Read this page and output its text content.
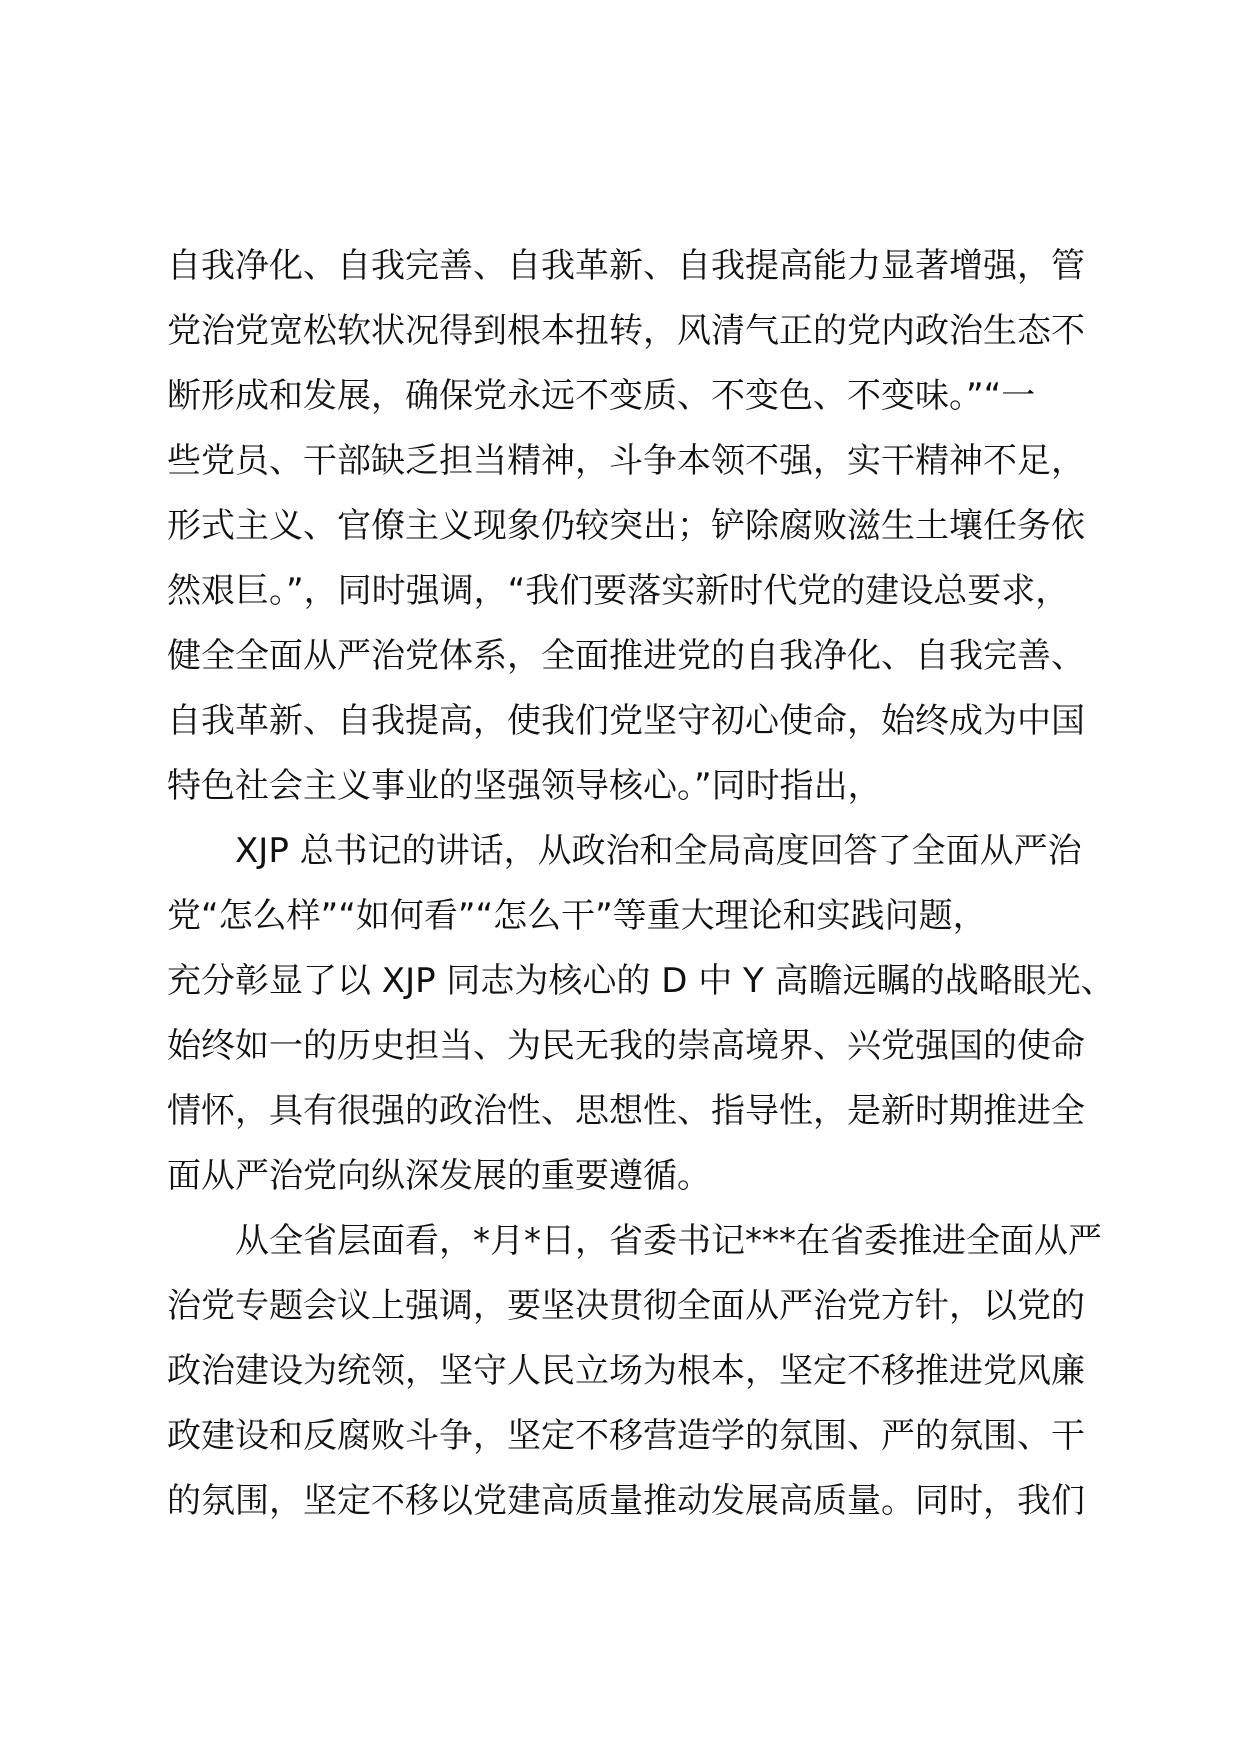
自我净化、自我完善、自我革新、自我提高能力显著增强，管
党治党宽松软状况得到根本扭转，风清气正的党内政治生态不
断形成和发展，确保党永远不变质、不变色、不变味。”“一
些党员、干部缺乏担当精神，斗争本领不强，实干精神不足，
形式主义、官僚主义现象仍较突出；铲除腐败滋生土壤任务依
然艰巨。”，同时强调，“我们要落实新时代党的建设总要求，
健全全面从严治党体系，全面推进党的自我净化、自我完善、
自我革新、自我提高，使我们党坚守初心使命，始终成为中国
特色社会主义事业的坚强领导核心。”同时指出，
XJP 总书记的讲话，从政治和全局高度回答了全面从严治
党“怎么样”“如何看”“怎么干”等重大理论和实践问题，
充分彰显了以 XJP 同志为核心的 D 中 Y 高瞻远瞩的战略眼光、
始终如一的历史担当、为民无我的崇高境界、兴党强国的使命
情怀，具有很强的政治性、思想性、指导性，是新时期推进全
面从严治党向纵深发展的重要遵循。
从全省层面看，*月*日，省委书记***在省委推进全面从严
治党专题会议上强调，要坚决贯彻全面从严治党方针，以党的
政治建设为统领，坚守人民立场为根本，坚定不移推进党风廉
政建设和反腐败斗争，坚定不移营造学的氛围、严的氛围、干
的氛围，坚定不移以党建高质量推动发展高质量。同时，我们
